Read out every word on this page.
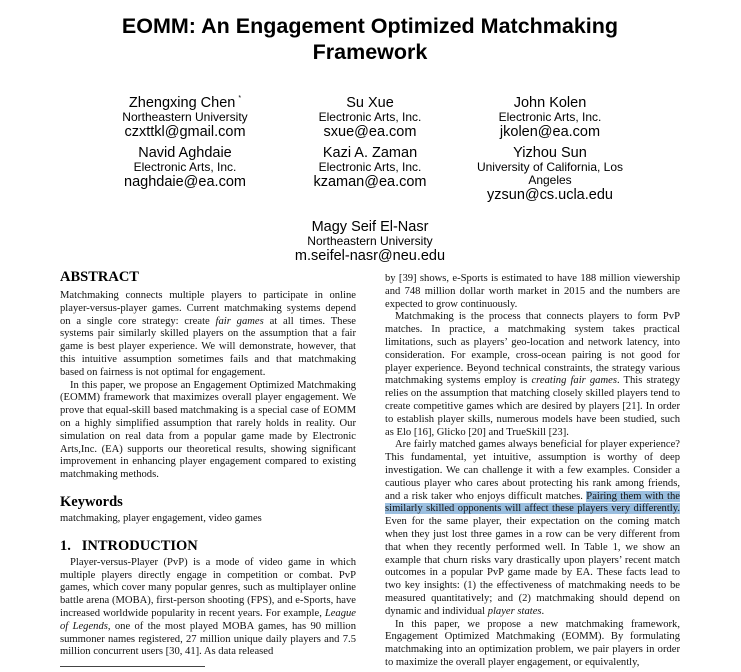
EOMM: An Engagement Optimized Matchmaking
Framework
Zhengxing Chen *
Northeastern University
czxttkl@gmail.com
Su Xue
Electronic Arts, Inc.
sxue@ea.com
John Kolen
Electronic Arts, Inc.
jkolen@ea.com
Navid Aghdaie
Electronic Arts, Inc.
naghdaie@ea.com
Kazi A. Zaman
Electronic Arts, Inc.
kzaman@ea.com
Yizhou Sun
University of California, Los
Angeles
yzsun@cs.ucla.edu
Magy Seif El-Nasr
Northeastern University
m.seifel-nasr@neu.edu
ABSTRACT

Matchmaking connects multiple players to participate in online player-versus-player games. Current matchmaking systems depend on a single core strategy: create fair games at all times. These systems pair similarly skilled players on the assumption that a fair game is best player experience. We will demonstrate, however, that this intuitive assumption sometimes fails and that matchmaking based on fairness is not optimal for engagement.

In this paper, we propose an Engagement Optimized Matchmaking (EOMM) framework that maximizes overall player engagement. We prove that equal-skill based matchmaking is a special case of EOMM on a highly simplified assumption that rarely holds in reality. Our simulation on real data from a popular game made by Electronic Arts,Inc. (EA) supports our theoretical results, showing significant improvement in enhancing player engagement compared to existing matchmaking methods.

Keywords

matchmaking, player engagement, video games

1.   INTRODUCTION

Player-versus-Player (PvP) is a mode of video game in which multiple players directly engage in competition or combat. PvP games, which cover many popular genres, such as multiplayer online battle arena (MOBA), first-person shooting (FPS), and e-Sports, have increased worldwide popularity in recent years. For example, League of Legends, one of the most played MOBA games, has 90 million summoner names registered, 27 million unique daily players and 7.5 million concurrent users [30, 41]. As data released

by [39] shows, e-Sports is estimated to have 188 million viewership and 748 million dollar worth market in 2015 and the numbers are expected to grow continuously.

Matchmaking is the process that connects players to form PvP matches. In practice, a matchmaking system takes practical limitations, such as players’ geo-location and network latency, into consideration. For example, cross-ocean pairing is not good for player experience. Beyond technical constraints, the strategy various matchmaking systems employ is creating fair games. This strategy relies on the assumption that matching closely skilled players tend to create competitive games which are desired by players [21]. In order to establish player skills, numerous models have been studied, such as Elo [16], Glicko [20] and TrueSkill [23].

Are fairly matched games always beneficial for player experience? This fundamental, yet intuitive, assumption is worthy of deep investigation. We can challenge it with a few examples. Consider a cautious player who cares about protecting his rank among friends, and a risk taker who enjoys difficult matches. Pairing them with the similarly skilled opponents will affect these players very differently. Even for the same player, their expectation on the coming match when they just lost three games in a row can be very different from that when they recently performed well. In Table 1, we show an example that churn risks vary drastically upon players’ recent match outcomes in a popular PvP game made by EA. These facts lead to two key insights: (1) the effectiveness of matchmaking needs to be measured quantitatively; and (2) matchmaking should depend on dynamic and individual player states.

In this paper, we propose a new matchmaking framework, Engagement Optimized Matchmaking (EOMM). By formulating matchmaking into an optimization problem, we pair players in order to maximize the overall player engagement, or equivalently,
